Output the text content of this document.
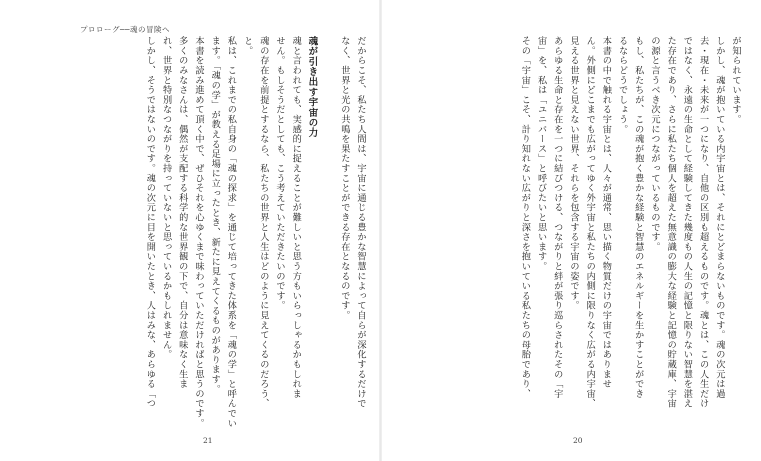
プロローグ──魂の冒険へ
だからこそ、私たち人間は、宇宙に通じる豊かな智慧によって自らが深化するだけで
なく、世界と光の共鳴を果たすことができる存在となるのです。
魂が引き出す宇宙の力
魂と言われても、実感的に捉えることが難しいと思う方もいらっしゃるかもしれま
せん。もしそうだとしても、こう考えていただきたいのです。
魂の存在を前提とするなら、私たちの世界と人生はどのように見えてくるのだろう、
と。
私は、これまでの私自身の「魂の探求」を通じて培ってきた体系を「魂の学」と呼んでい
ます。「魂の学」が教える足場に立ったとき、新たに見えてくるものがあります。
本書を読み進めて頂く中で、ぜひそれを心ゆくまで味わっていただければと思うのです。
多くのみなさんは、偶然が支配する科学的な世界観の下で、自分は意味なく生ま
れ、世界と特別なつながりを持っていないと思っているかもしれません。
しかし、そうではないのです。魂の次元に目を開いたとき、人はみな、あらゆる「つ
21
が知られています。
しかし、魂が抱いている内宇宙とは、それにとどまらないものです。魂の次元は過
去・現在・未来が一つになり、自他の区別も超えるものです。魂とは、この人生だけ
ではなく、永遠の生命として経験してきた幾度もの人生の記憶と限りない智慧を湛え
た存在であり、さらに私たち個人を超えた無意識の膨大な経験と記憶の貯蔵庫、宇宙
の源と言うべき次元につながっているものです。
もし、私たちが、この魂が抱く豊かな経験と智慧のエネルギーを生かすことができ
るならどうでしょう。
本書の中で触れる宇宙とは、人々が通常、思い描く物質だけの宇宙ではありませ
ん。外側にどこまでも広がってゆく外宇宙と私たちの内側に限りなく広がる内宇宙、
見える世界と見えない世界、それらを包含する宇宙の姿です。
あらゆる生命と存在を一つに結びつける、つながりと絆が張り巡らされたその「宇
宙」を、私は「ユニバース」と呼びたいと思います。
その「宇宙」こそ、計り知れない広がりと深さを抱いている私たちの母胎であり、
20
